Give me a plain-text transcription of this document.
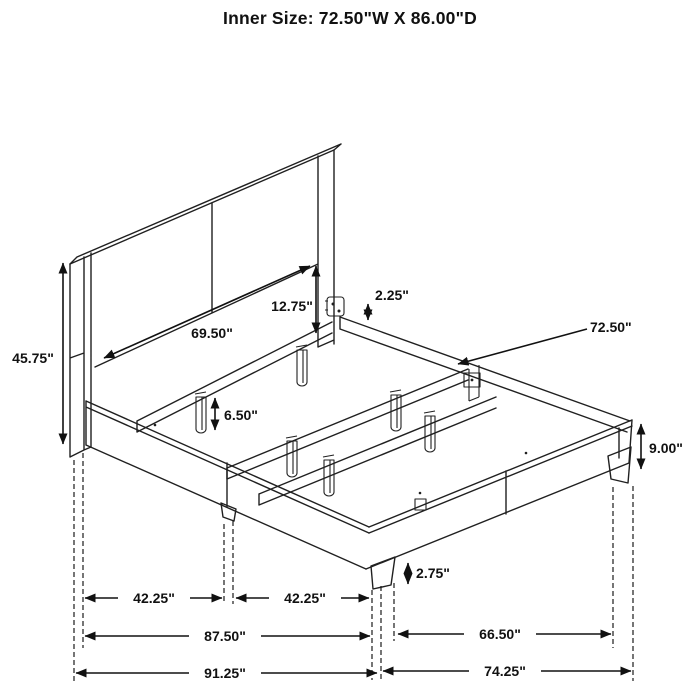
Inner Size: 72.50"W X 86.00"D
45.75"
69.50"
12.75"
2.25"
72.50"
6.50"
9.00"
2.75"
42.25"	42.25"
87.50"	66.50"
91.25"	74.25"
